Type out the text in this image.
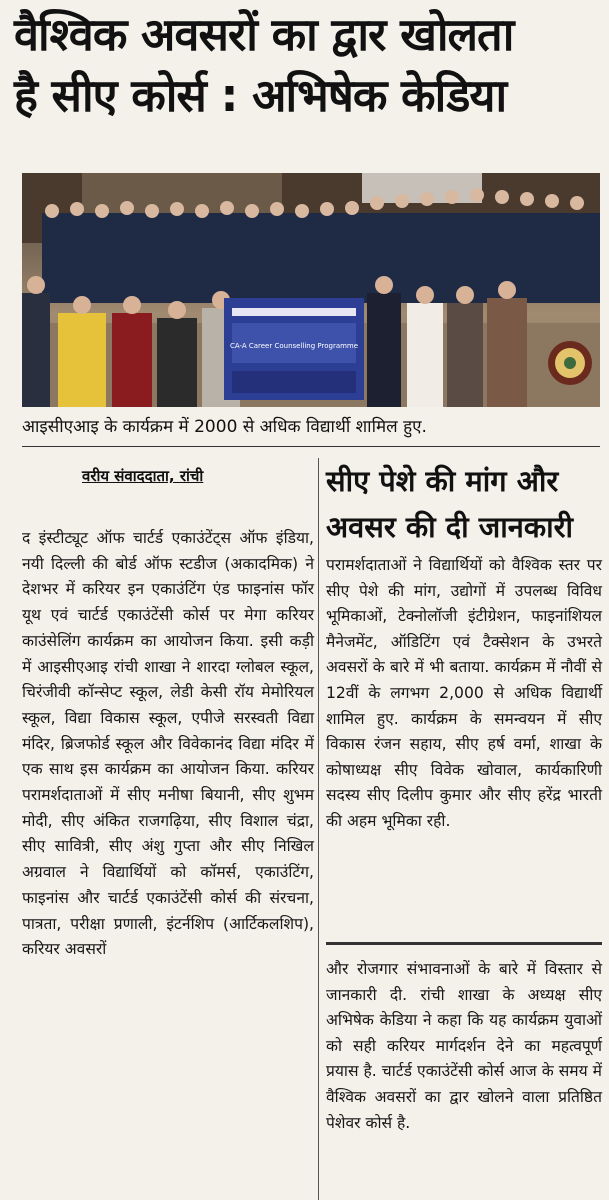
वैश्विक अवसरों का द्वार खोलता
है सीए कोर्स : अभिषेक केडिया
CA-A Career Counselling Programme
आइसीएआइ के कार्यक्रम में 2000 से अधिक विद्यार्थी शामिल हुए.
वरीय संवाददाता, रांची
द इंस्टीट्यूट ऑफ चार्टर्ड एकाउंटेंट्स ऑफ इंडिया, नयी दिल्ली की बोर्ड ऑफ स्टडीज (अकादमिक) ने देशभर में करियर इन एकाउंटिंग एंड फाइनांस फॉर यूथ एवं चार्टर्ड एकाउंटेंसी कोर्स पर मेगा करियर काउंसेलिंग कार्यक्रम का आयोजन किया. इसी कड़ी में आइसीएआइ रांची शाखा ने शारदा ग्लोबल स्कूल, चिरंजीवी कॉन्सेप्ट स्कूल, लेडी केसी रॉय मेमोरियल स्कूल, विद्या विकास स्कूल, एपीजे सरस्वती विद्या मंदिर, ब्रिजफोर्ड स्कूल और विवेकानंद विद्या मंदिर में एक साथ इस कार्यक्रम का आयोजन किया. करियर परामर्शदाताओं में सीए मनीषा बियानी, सीए शुभम मोदी, सीए अंकित राजगढ़िया, सीए विशाल चंद्रा, सीए सावित्री, सीए अंशु गुप्ता और सीए निखिल अग्रवाल ने विद्यार्थियों को कॉमर्स, एकाउंटिंग, फाइनांस और चार्टर्ड एकाउंटेंसी कोर्स की संरचना, पात्रता, परीक्षा प्रणाली, इंटर्नशिप (आर्टिकलशिप), करियर अवसरों
सीए पेशे की मांग और अवसर की दी जानकारी
परामर्शदाताओं ने विद्यार्थियों को वैश्विक स्तर पर सीए पेशे की मांग, उद्योगों में उपलब्ध विविध भूमिकाओं, टेक्नोलॉजी इंटीग्रेशन, फाइनांशियल मैनेजमेंट, ऑडिटिंग एवं टैक्सेशन के उभरते अवसरों के बारे में भी बताया. कार्यक्रम में नौवीं से 12वीं के लगभग 2,000 से अधिक विद्यार्थी शामिल हुए. कार्यक्रम के समन्वयन में सीए विकास रंजन सहाय, सीए हर्ष वर्मा, शाखा के कोषाध्यक्ष सीए विवेक खोवाल, कार्यकारिणी सदस्य सीए दिलीप कुमार और सीए हरेंद्र भारती की अहम भूमिका रही.
और रोजगार संभावनाओं के बारे में विस्तार से जानकारी दी. रांची शाखा के अध्यक्ष सीए अभिषेक केडिया ने कहा कि यह कार्यक्रम युवाओं को सही करियर मार्गदर्शन देने का महत्वपूर्ण प्रयास है. चार्टर्ड एकाउंटेंसी कोर्स आज के समय में वैश्विक अवसरों का द्वार खोलने वाला प्रतिष्ठित पेशेवर कोर्स है.
